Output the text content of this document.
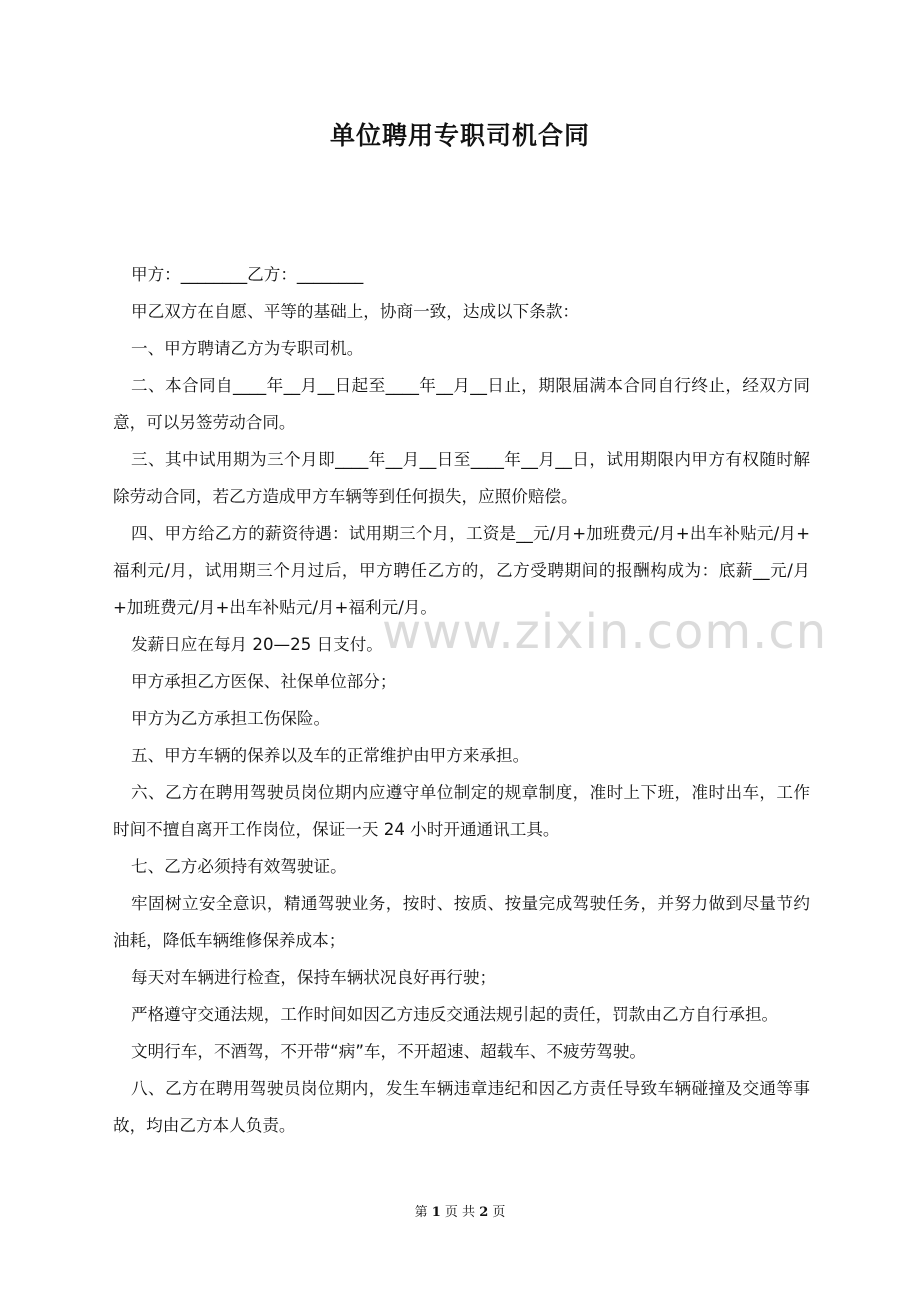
单位聘用专职司机合同

甲方：________乙方：________

甲乙双方在自愿、平等的基础上，协商一致，达成以下条款：

一、甲方聘请乙方为专职司机。

二、本合同自____年__月__日起至____年__月__日止，期限届满本合同自行终止，经双方同意，可以另签劳动合同。

三、其中试用期为三个月即____年__月__日至____年__月__日，试用期限内甲方有权随时解除劳动合同，若乙方造成甲方车辆等到任何损失，应照价赔偿。

四、甲方给乙方的薪资待遇：试用期三个月，工资是__元/月+加班费元/月+出车补贴元/月+ 福利元/月，试用期三个月过后，甲方聘任乙方的，乙方受聘期间的报酬构成为：底薪__元/月+加班费元/月+出车补贴元/月+福利元/月。

发薪日应在每月 20—25 日支付。

甲方承担乙方医保、社保单位部分；

甲方为乙方承担工伤保险。

五、甲方车辆的保养以及车的正常维护由甲方来承担。

六、乙方在聘用驾驶员岗位期内应遵守单位制定的规章制度，准时上下班，准时出车，工作时间不擅自离开工作岗位，保证一天 24 小时开通通讯工具。

七、乙方必须持有效驾驶证。

牢固树立安全意识，精通驾驶业务，按时、按质、按量完成驾驶任务，并努力做到尽量节约油耗，降低车辆维修保养成本；

每天对车辆进行检查，保持车辆状况良好再行驶；

严格遵守交通法规，工作时间如因乙方违反交通法规引起的责任，罚款由乙方自行承担。

文明行车，不酒驾，不开带“病”车，不开超速、超载车、不疲劳驾驶。

八、乙方在聘用驾驶员岗位期内，发生车辆违章违纪和因乙方责任导致车辆碰撞及交通等事故，均由乙方本人负责。

www.zixin.com.cn
第 1 页 共 2 页
